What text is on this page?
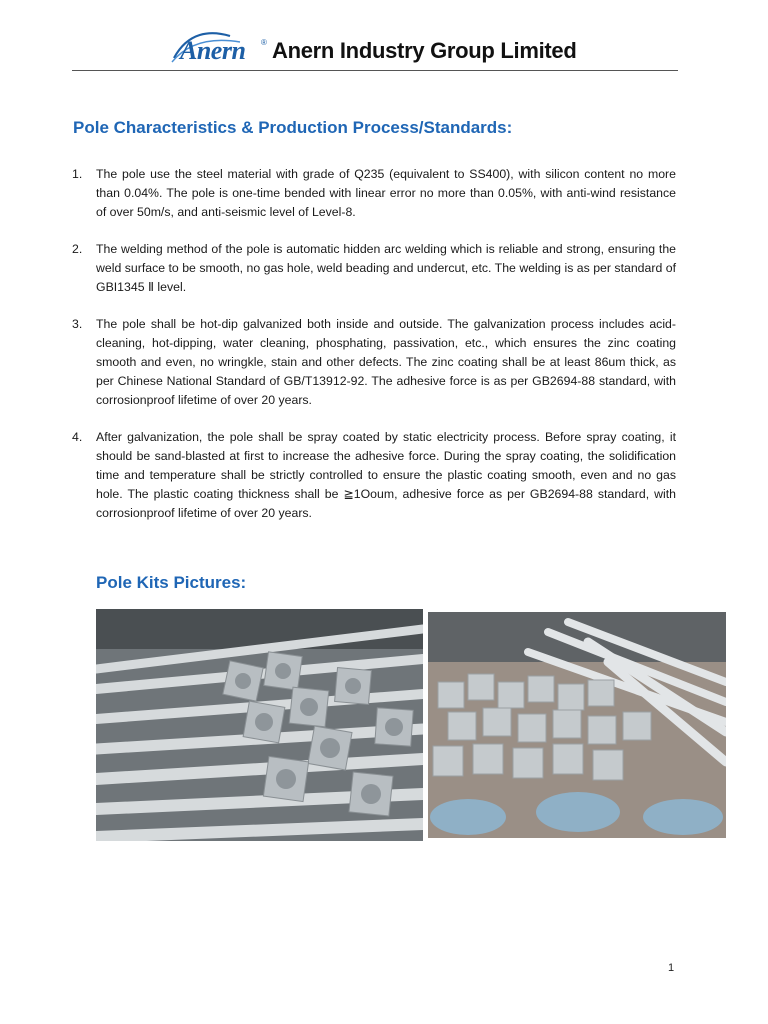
Anern ® Anern Industry Group Limited
Pole Characteristics & Production Process/Standards:
1. The pole use the steel material with grade of Q235 (equivalent to SS400), with silicon content no more than 0.04%. The pole is one-time bended with linear error no more than 0.05%, with anti-wind resistance of over 50m/s, and anti-seismic level of Level-8.
2. The welding method of the pole is automatic hidden arc welding which is reliable and strong, ensuring the weld surface to be smooth, no gas hole, weld beading and undercut, etc. The welding is as per standard of GBI1345 Ⅱ level.
3. The pole shall be hot-dip galvanized both inside and outside. The galvanization process includes acid-cleaning, hot-dipping, water cleaning, phosphating, passivation, etc., which ensures the zinc coating smooth and even, no wringkle, stain and other defects. The zinc coating shall be at least 86um thick, as per Chinese National Standard of GB/T13912-92. The adhesive force is as per GB2694-88 standard, with corrosionproof lifetime of over 20 years.
4. After galvanization, the pole shall be spray coated by static electricity process. Before spray coating, it should be sand-blasted at first to increase the adhesive force. During the spray coating, the solidification time and temperature shall be strictly controlled to ensure the plastic coating smooth, even and no gas hole. The plastic coating thickness shall be ≧1Ooum, adhesive force as per GB2694-88 standard, with corrosionproof lifetime of over 20 years.
Pole Kits Pictures:
1
